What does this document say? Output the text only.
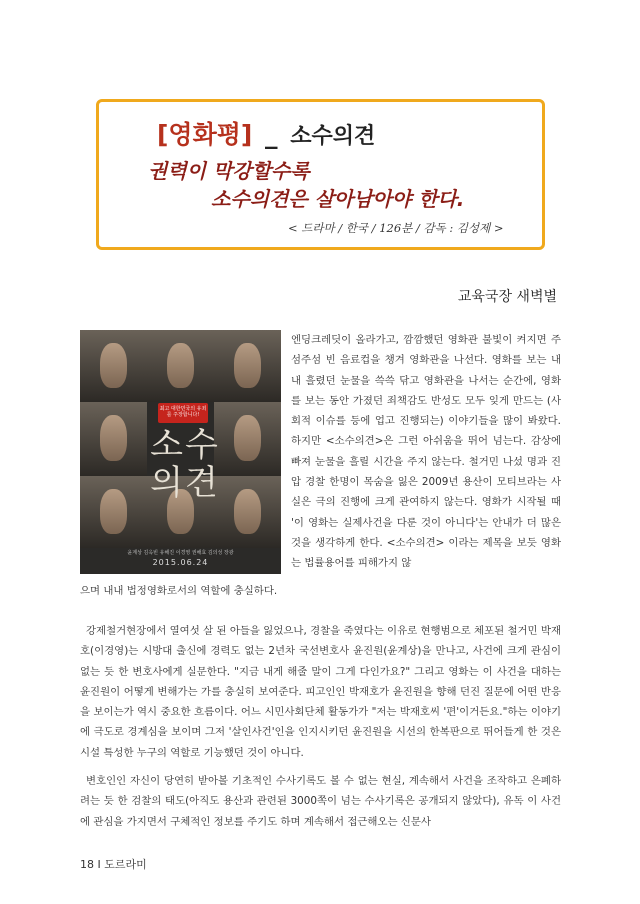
[영화평] _ 소수의견
권력이 막강할수록
소수의견은 살아남아야 한다.
< 드라마 / 한국 / 126분 / 감독 : 김성제 >
교육국장 새벽별
최고 대한민국의 유죄를 주장합니다!
소수 의견
윤계상 김옥빈 유해진 이경영 권해효 김의성 장광
2015.06.24
엔딩크레딧이 올라가고, 깜깜했던 영화관 불빛이 켜지면 주섬주섬 빈 음료컵을 챙겨 영화관을 나선다. 영화를 보는 내내 흘렸던 눈물을 쓱쓱 닦고 영화관을 나서는 순간에, 영화를 보는 동안 가졌던 죄책감도 반성도 모두 잊게 만드는 (사회적 이슈를 등에 업고 진행되는) 이야기들을 많이 봐왔다. 하지만 <소수의견>은 그런 아쉬움을 뛰어 넘는다. 감상에 빠져 눈물을 흘릴 시간을 주지 않는다. 철거민 나섰 명과 진압 경찰 한명이 목숨을 잃은 2009년 용산이 모티브라는 사실은 극의 진행에 크게 관여하지 않는다. 영화가 시작될 때 '이 영화는 실제사건을 다룬 것이 아니다'는 안내가 더 많은 것을 생각하게 한다. <소수의견> 이라는 제목을 보듯 영화는 법률용어를 피해가지 않
으며 내내 법정영화로서의 역할에 충실하다.
강제철거현장에서 열여섯 살 된 아들을 잃었으나, 경찰을 죽였다는 이유로 현행범으로 체포된 철거민 박재호(이경영)는 시방대 출신에 경력도 없는 2년차 국선변호사 윤진원(윤계상)을 만나고, 사건에 크게 관심이 없는 듯 한 변호사에게 실문한다. "지금 내게 해줄 말이 그게 다인가요?" 그리고 영화는 이 사건을 대하는 윤진원이 어떻게 변해가는 가를 충실히 보여준다. 피고인인 박재호가 윤진원을 향해 던진 질문에 어떤 반응을 보이는가 역시 중요한 흐름이다. 어느 시민사회단체 활동가가 "저는 박재호씨 '편'이거든요."하는 이야기에 극도로 경계심을 보이며 그저 '살인사건'인을 인지시키던 윤진원을 시선의 한복판으로 뛰어들게 한 것은 시설 특성한 누구의 역할로 기능했던 것이 아니다.
변호인인 자신이 당연히 받아볼 기초적인 수사기록도 볼 수 없는 현실, 계속해서 사건을 조작하고 은폐하려는 듯 한 검찰의 태도(아직도 용산과 관련된 3000쪽이 넘는 수사기록은 공개되지 않았다), 유독 이 사건에 관심을 가지면서 구체적인 정보를 주기도 하며 계속해서 접근해오는 신문사
18 I 도르라미
